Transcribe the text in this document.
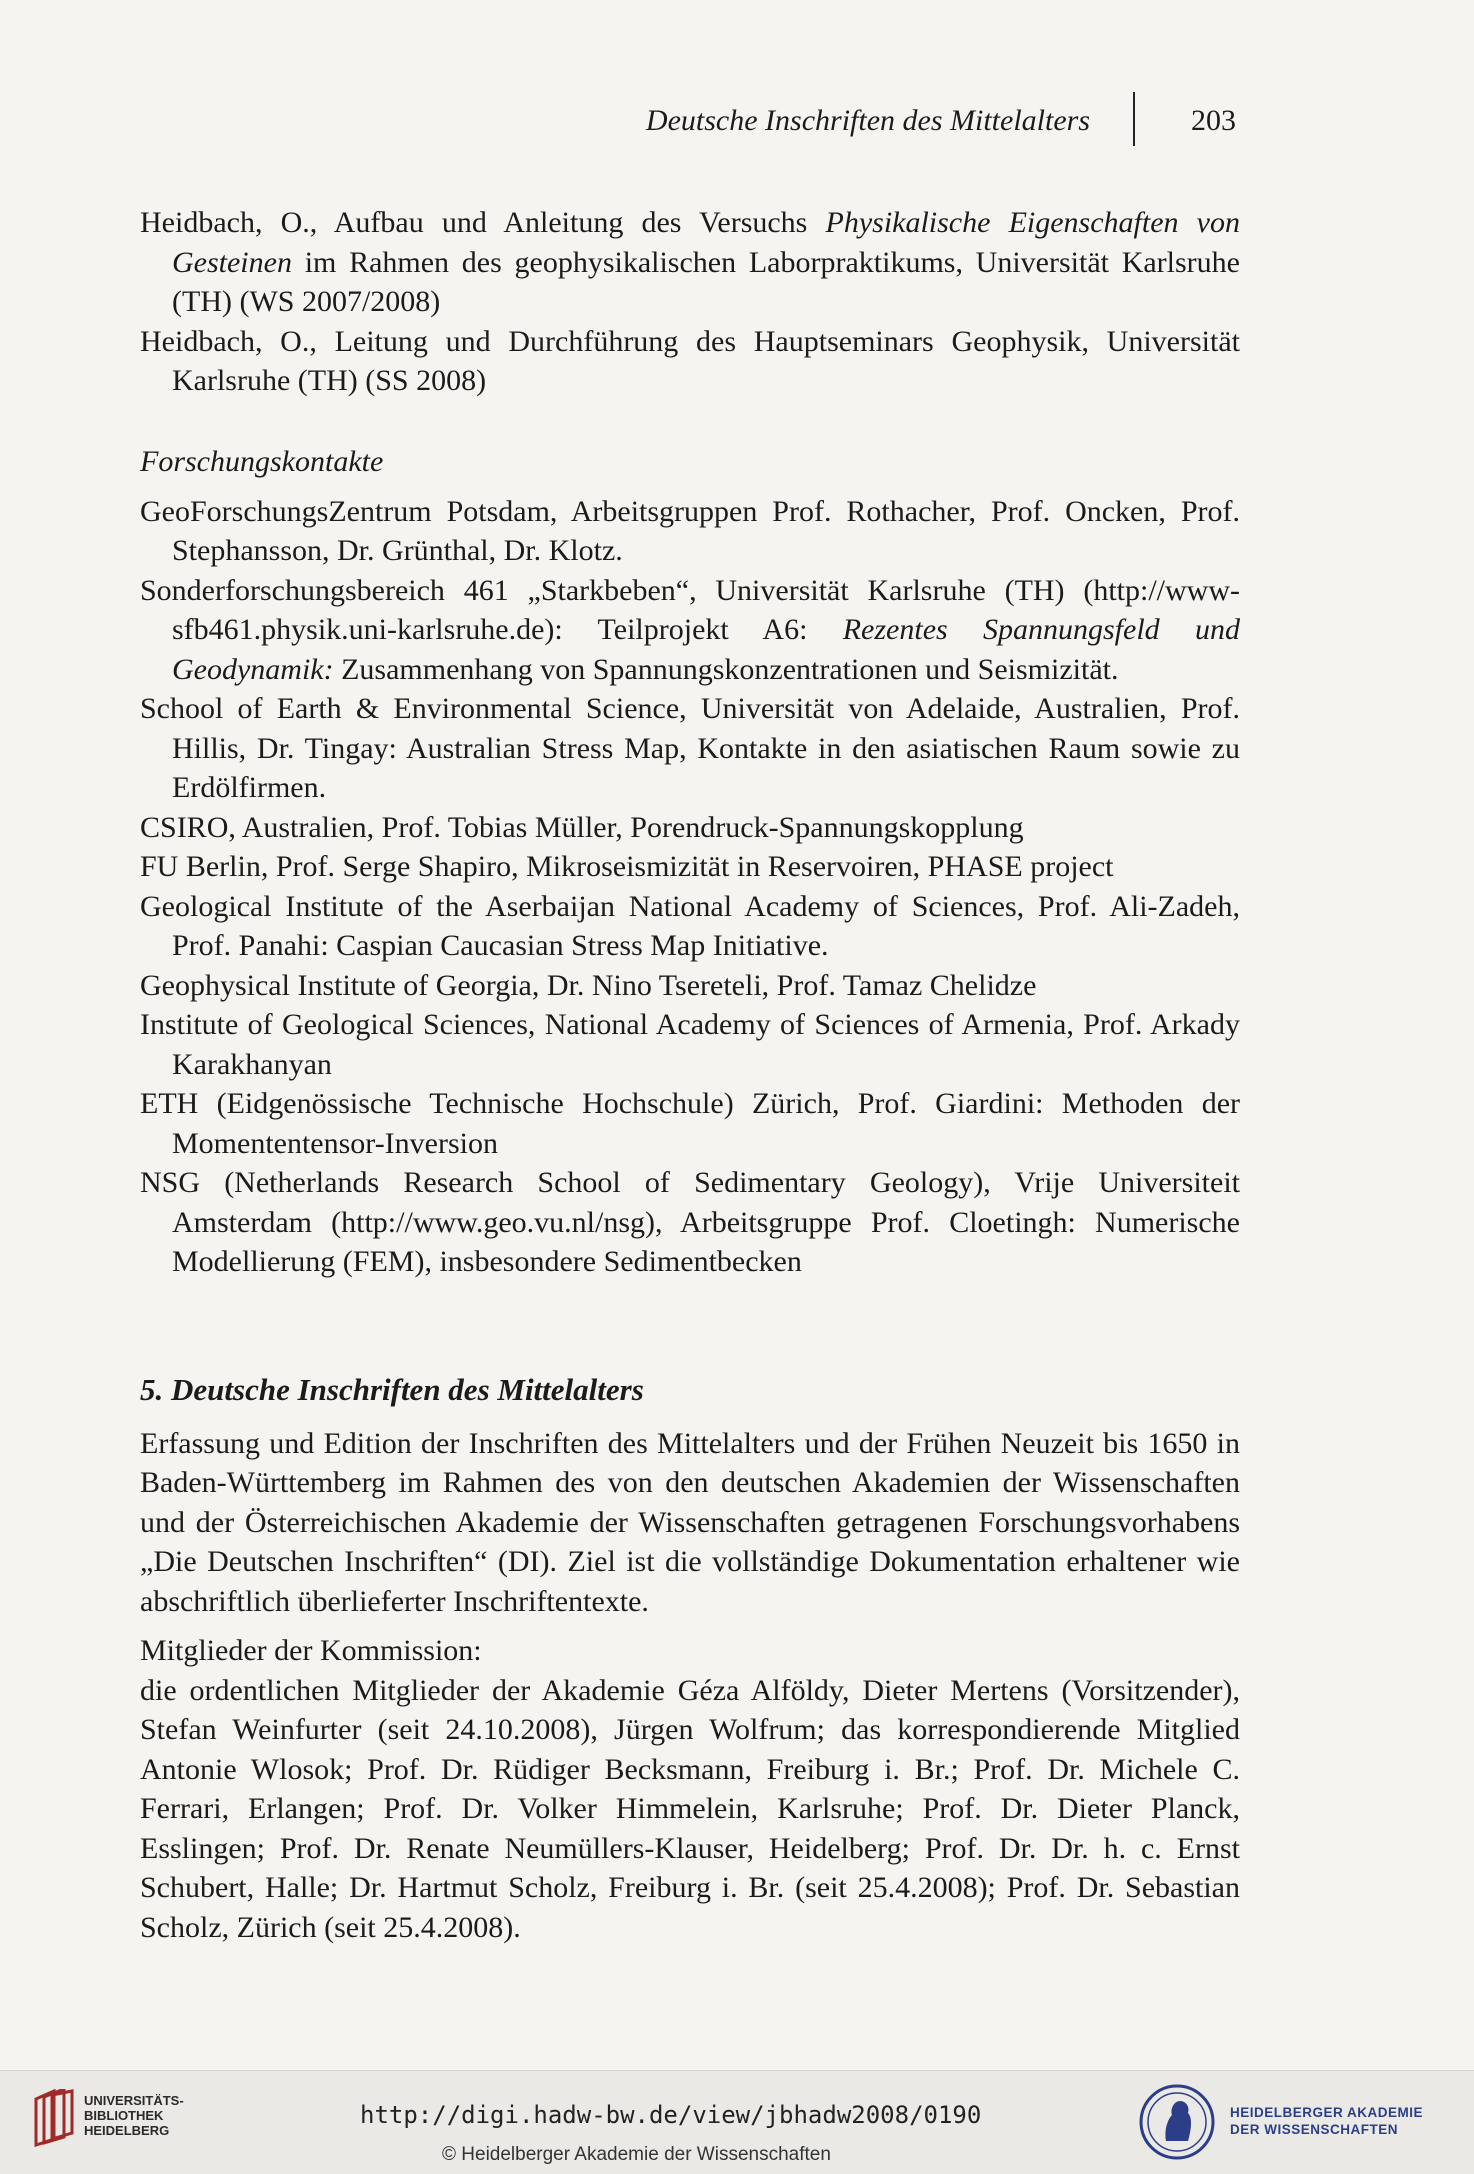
Deutsche Inschriften des Mittelalters	203

Heidbach, O., Aufbau und Anleitung des Versuchs Physikalische Eigenschaften von Gesteinen im Rahmen des geophysikalischen Laborpraktikums, Universität Karlsruhe (TH) (WS 2007/2008)

Heidbach, O., Leitung und Durchführung des Hauptseminars Geophysik, Universität Karlsruhe (TH) (SS 2008)

Forschungskontakte

GeoForschungsZentrum Potsdam, Arbeitsgruppen Prof. Rothacher, Prof. Oncken, Prof. Stephansson, Dr. Grünthal, Dr. Klotz.

Sonderforschungsbereich 461 „Starkbeben“, Universität Karlsruhe (TH) (http://www-sfb461.physik.uni-karlsruhe.de): Teilprojekt A6: Rezentes Spannungsfeld und Geodynamik: Zusammenhang von Spannungskonzentrationen und Seismizität.

School of Earth & Environmental Science, Universität von Adelaide, Australien, Prof. Hillis, Dr. Tingay: Australian Stress Map, Kontakte in den asiatischen Raum sowie zu Erdölfirmen.

CSIRO, Australien, Prof. Tobias Müller, Porendruck-Spannungskopplung

FU Berlin, Prof. Serge Shapiro, Mikroseismizität in Reservoiren, PHASE project

Geological Institute of the Aserbaijan National Academy of Sciences, Prof. Ali-Zadeh, Prof. Panahi: Caspian Caucasian Stress Map Initiative.

Geophysical Institute of Georgia, Dr. Nino Tsereteli, Prof. Tamaz Chelidze

Institute of Geological Sciences, National Academy of Sciences of Armenia, Prof. Arkady Karakhanyan

ETH (Eidgenössische Technische Hochschule) Zürich, Prof. Giardini: Methoden der Momententensor-Inversion

NSG (Netherlands Research School of Sedimentary Geology), Vrije Universiteit Amsterdam (http://www.geo.vu.nl/nsg), Arbeitsgruppe Prof. Cloetingh: Numerische Modellierung (FEM), insbesondere Sedimentbecken

5. Deutsche Inschriften des Mittelalters

Erfassung und Edition der Inschriften des Mittelalters und der Frühen Neuzeit bis 1650 in Baden-Württemberg im Rahmen des von den deutschen Akademien der Wissenschaften und der Österreichischen Akademie der Wissenschaften getragenen Forschungsvorhabens „Die Deutschen Inschriften“ (DI). Ziel ist die vollständige Dokumentation erhaltener wie abschriftlich überlieferter Inschriftentexte.

Mitglieder der Kommission:

die ordentlichen Mitglieder der Akademie Géza Alföldy, Dieter Mertens (Vorsitzender), Stefan Weinfurter (seit 24.10.2008), Jürgen Wolfrum; das korrespondierende Mitglied Antonie Wlosok; Prof. Dr. Rüdiger Becksmann, Freiburg i. Br.; Prof. Dr. Michele C. Ferrari, Erlangen; Prof. Dr. Volker Himmelein, Karlsruhe; Prof. Dr. Dieter Planck, Esslingen; Prof. Dr. Renate Neumüllers-Klauser, Heidelberg; Prof. Dr. Dr. h. c. Ernst Schubert, Halle; Dr. Hartmut Scholz, Freiburg i. Br. (seit 25.4.2008); Prof. Dr. Sebastian Scholz, Zürich (seit 25.4.2008).

UNIVERSITÄTS-
BIBLIOTHEK
HEIDELBERG
http://digi.hadw-bw.de/view/jbhadw2008/0190
© Heidelberger Akademie der Wissenschaften
HEIDELBERGER AKADEMIE
DER WISSENSCHAFTEN
